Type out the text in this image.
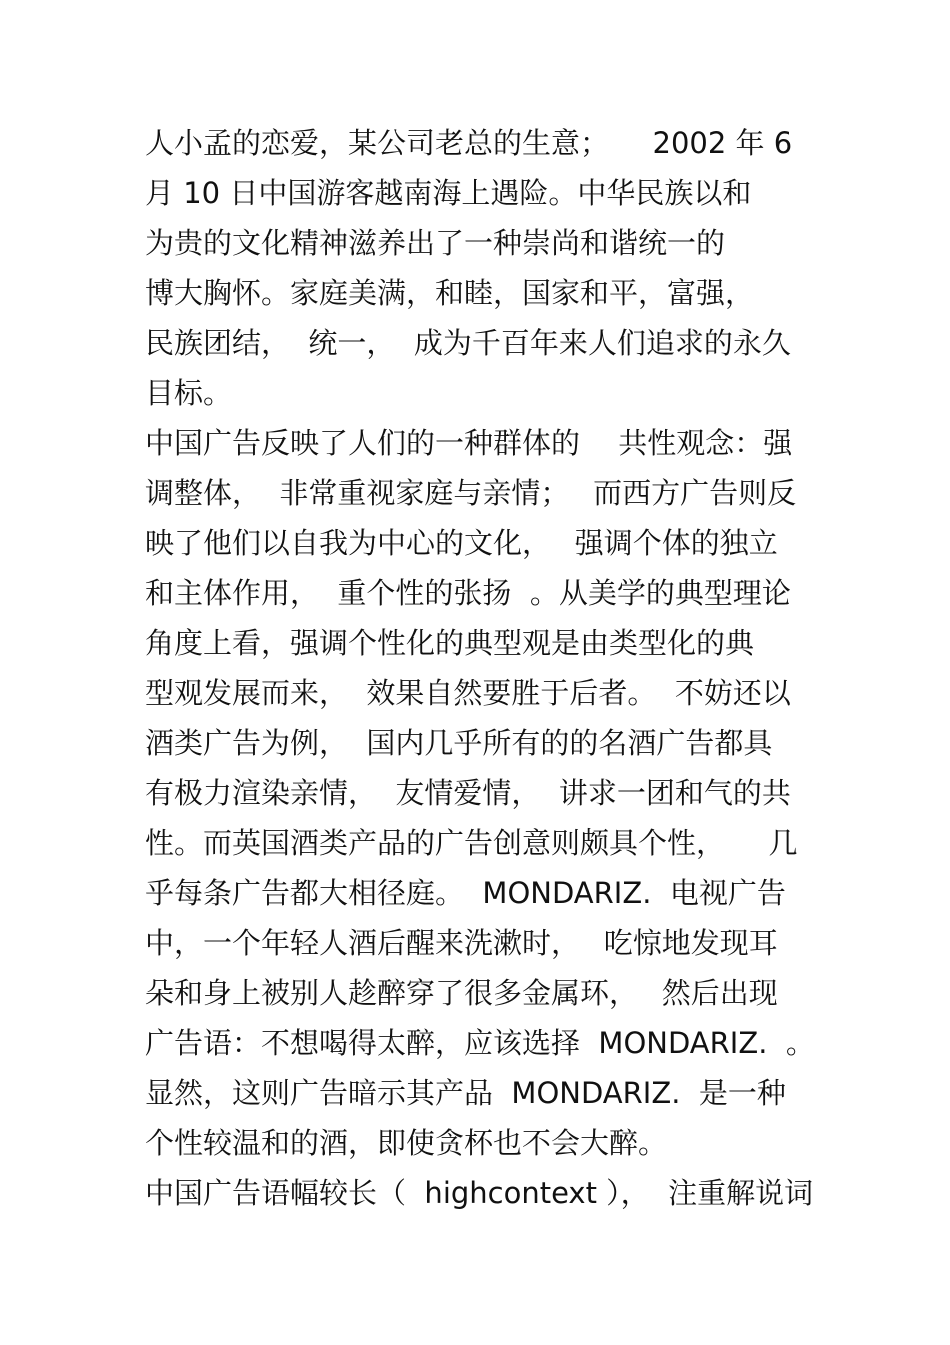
人小孟的恋爱，某公司老总的生意；　　2002 年 6
月 10 日中国游客越南海上遇险。中华民族以和
为贵的文化精神滋养出了一种崇尚和谐统一的
博大胸怀。家庭美满，和睦，国家和平，富强，
民族团结，  统一，  成为千百年来人们追求的永久
目标。
中国广告反映了人们的一种群体的　 共性观念：强
调整体，  非常重视家庭与亲情；　 而西方广告则反
映了他们以自我为中心的文化，　 强调个体的独立
和主体作用，  重个性的张扬  。从美学的典型理论
角度上看，强调个性化的典型观是由类型化的典
型观发展而来，  效果自然要胜于后者。  不妨还以
酒类广告为例，  国内几乎所有的的名酒广告都具
有极力渲染亲情，  友情爱情，  讲求一团和气的共
性。而英国酒类产品的广告创意则颇具个性，　　几
乎每条广告都大相径庭。  MONDARIZ.  电视广告
中，一个年轻人酒后醒来洗漱时，　 吃惊地发现耳
朵和身上被别人趁醉穿了很多金属环，　 然后出现
广告语：不想喝得太醉，应该选择  MONDARIZ.  。
显然，这则广告暗示其产品  MONDARIZ.  是一种
个性较温和的酒，即使贪杯也不会大醉。
中国广告语幅较长（  highcontext ），  注重解说词
